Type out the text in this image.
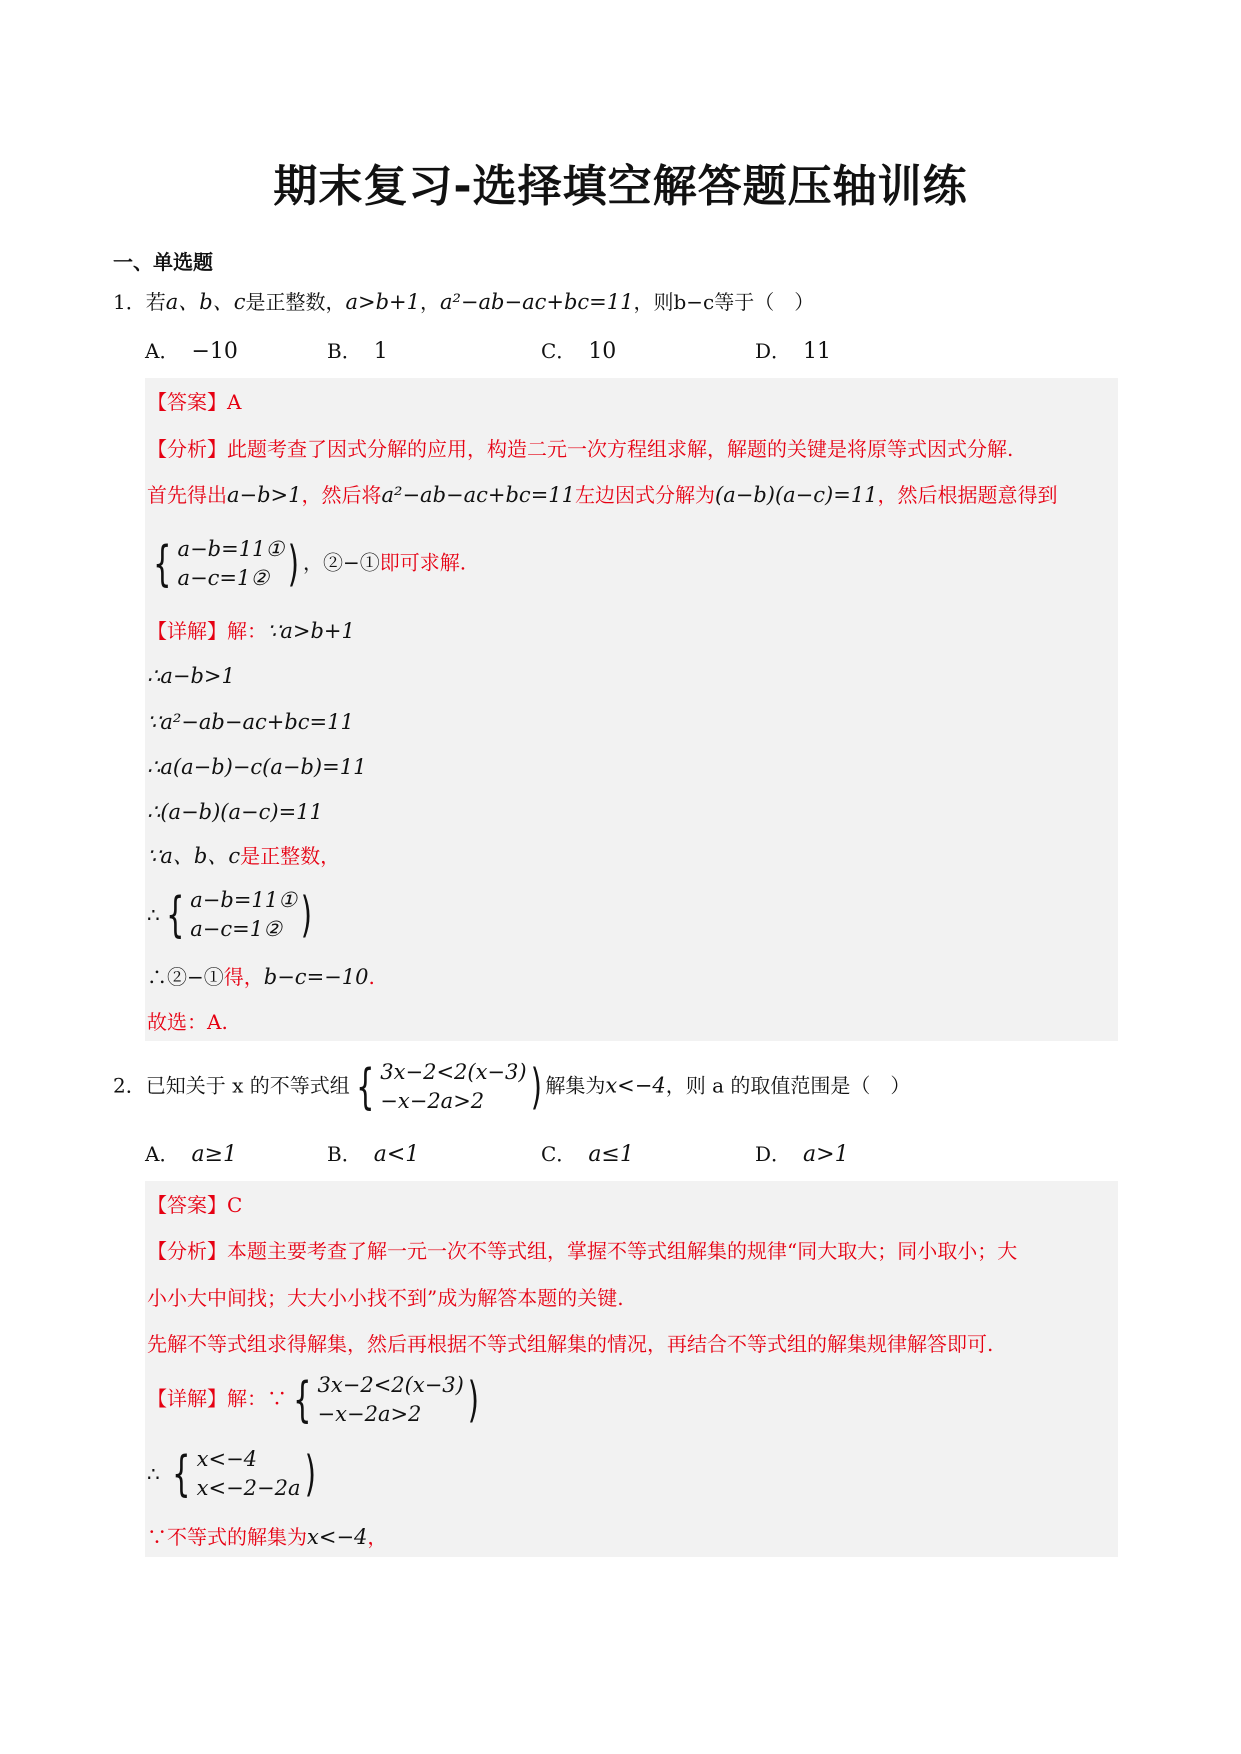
期末复习-选择填空解答题压轴训练
一、单选题
1．若a、b、c是正整数，a>b+1，a²−ab−ac+bc=11，则b−c等于（　）
A． −10	B． 1	C． 10	D． 11
【答案】A
【分析】此题考查了因式分解的应用，构造二元一次方程组求解，解题的关键是将原等式因式分解.
首先得出a−b>1，然后将a²−ab−ac+bc=11左边因式分解为(a−b)(a−c)=11，然后根据题意得到
{ a−b=11①
a−c=1② ) ，②−①即可求解.
【详解】解：∵a>b+1
∴a−b>1
∵a²−ab−ac+bc=11
∴a(a−b)−c(a−b)=11
∴(a−b)(a−c)=11
∵a、b、c是正整数，
∴ { a−b=11①
a−c=1② )
∴②−①得，b−c=−10.
故选：A.
2．已知关于 x 的不等式组 { 3x−2<2(x−3)
−x−2a>2 ) 解集为x<−4，则 a 的取值范围是（　）
A． a≥1	B． a<1	C． a≤1	D． a>1
【答案】C
【分析】本题主要考查了解一元一次不等式组，掌握不等式组解集的规律“同大取大；同小取小；大
小小大中间找；大大小小找不到”成为解答本题的关键.
先解不等式组求得解集，然后再根据不等式组解集的情况，再结合不等式组的解集规律解答即可.
【详解】解：∵ { 3x−2<2(x−3)
−x−2a>2 )
∴ { x<−4
x<−2−2a )
∵不等式的解集为x<−4，
